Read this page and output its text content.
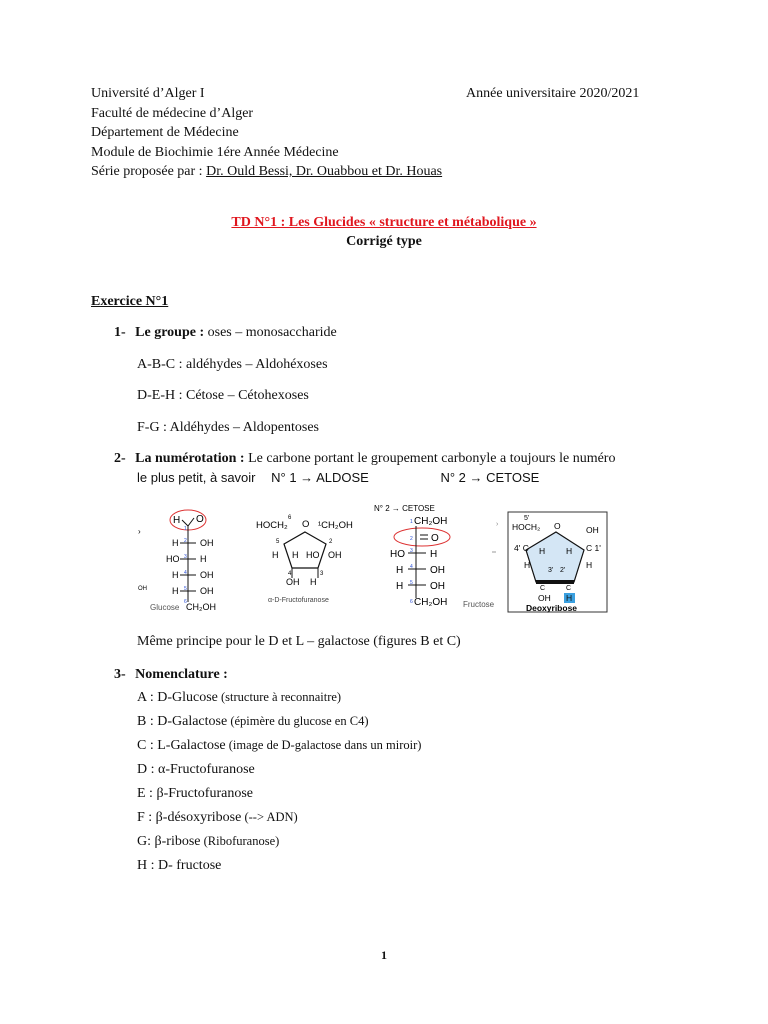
Université d’Alger I	Année universitaire 2020/2021
Faculté de médecine d’Alger
Département de Médecine
Module de Biochimie 1ére Année Médecine
Série proposée par : Dr. Ould Bessi, Dr. Ouabbou et Dr. Houas
TD N°1 : Les Glucides « structure et métabolique »
Corrigé type
Exercice N°1
1- Le groupe : oses – monosaccharide
A-B-C : aldéhydes – Aldohéxoses
D-E-H : Cétose – Cétohexoses
F-G : Aldéhydes – Aldopentoses
2- La numérotation : Le carbone portant le groupement carbonyle a toujours le numéro
le plus petit, à savoir N° 1 → ALDOSE	N° 2 → CETOSE
›
OH
H O
H OH
HO H
H OH
H OH
1
2
3
4
5
6
Glucose CH₂OH
6
HOCH₂ O ¹CH₂OH
5	2
H H HO OH
4	3
OH H
α-D-Fructofuranose
N° 2 → CETOSE
CH₂OH
O
HO	H
H	OH
H	OH
1
2
3
4
5
6 CH₂OH Fructose
›
5'
HOCH₂ O	OH
4' C	C 1'
H H
H	H
3' 2'
C	C
OH H
Deoxyribose
Même principe pour le D et L – galactose (figures B et C)
3- Nomenclature :
A : D-Glucose (structure à reconnaitre)
B : D-Galactose (épimère du glucose en C4)
C : L-Galactose (image de D-galactose dans un miroir)
D : α-Fructofuranose
E : β-Fructofuranose
F : β-désoxyribose (--> ADN)
G: β-ribose (Ribofuranose)
H : D- fructose
1
